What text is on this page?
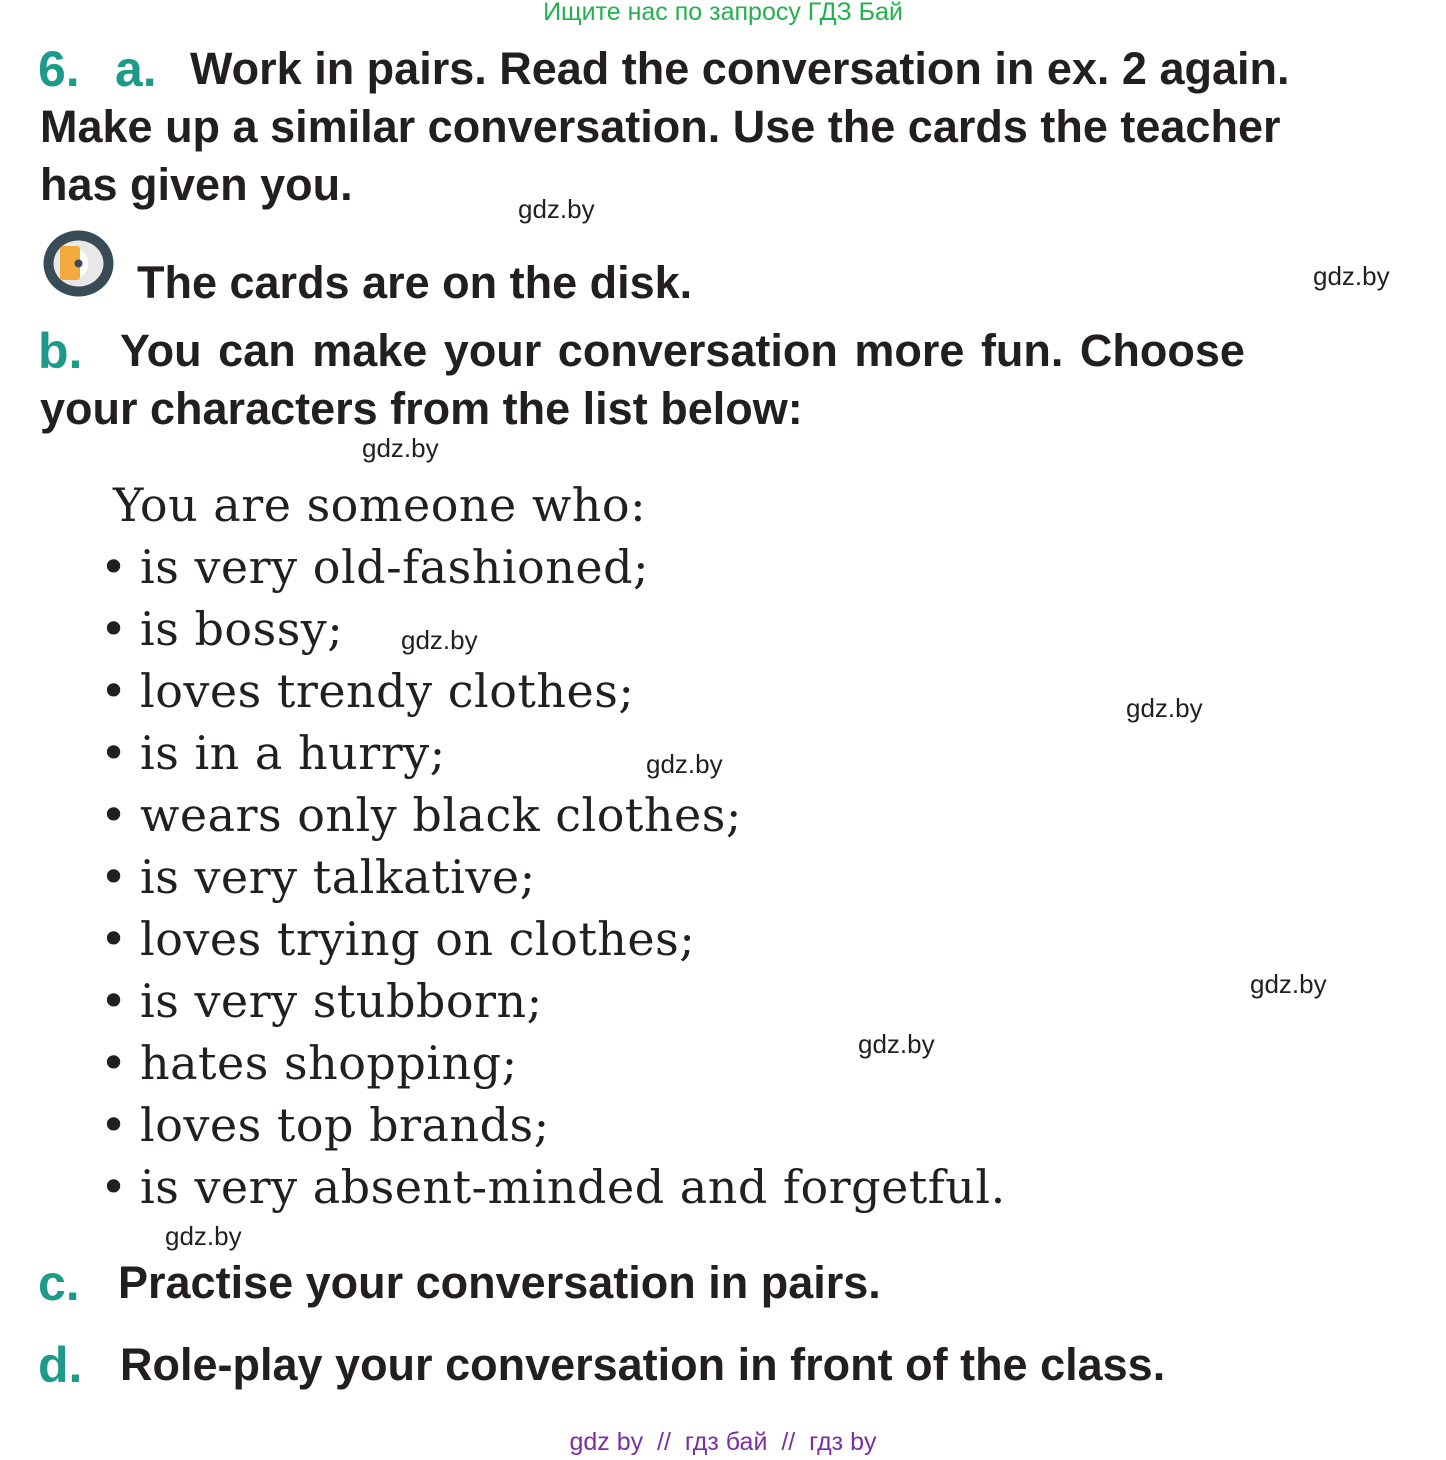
Ищите нас по запросу ГДЗ Бай
6. a. Work in pairs. Read the conversation in ex. 2 again.
Make up a similar conversation. Use the cards the teacher
has given you.	gdz.by
The cards are on the disk.	gdz.by
b. You can make your conversation more fun. Choose
your characters from the list below:
gdz.by
You are someone who:
• is very old-fashioned;
• is bossy; gdz.by
• loves trendy clothes;	gdz.by
• is in a hurry;	gdz.by
• wears only black clothes;
• is very talkative;
• loves trying on clothes;
• is very stubborn;	gdz.by
• hates shopping;	gdz.by
• loves top brands;
• is very absent-minded and forgetful.
gdz.by
c. Practise your conversation in pairs.
d. Role-play your conversation in front of the class.
gdz by  //  гдз бай  //  гдз by
